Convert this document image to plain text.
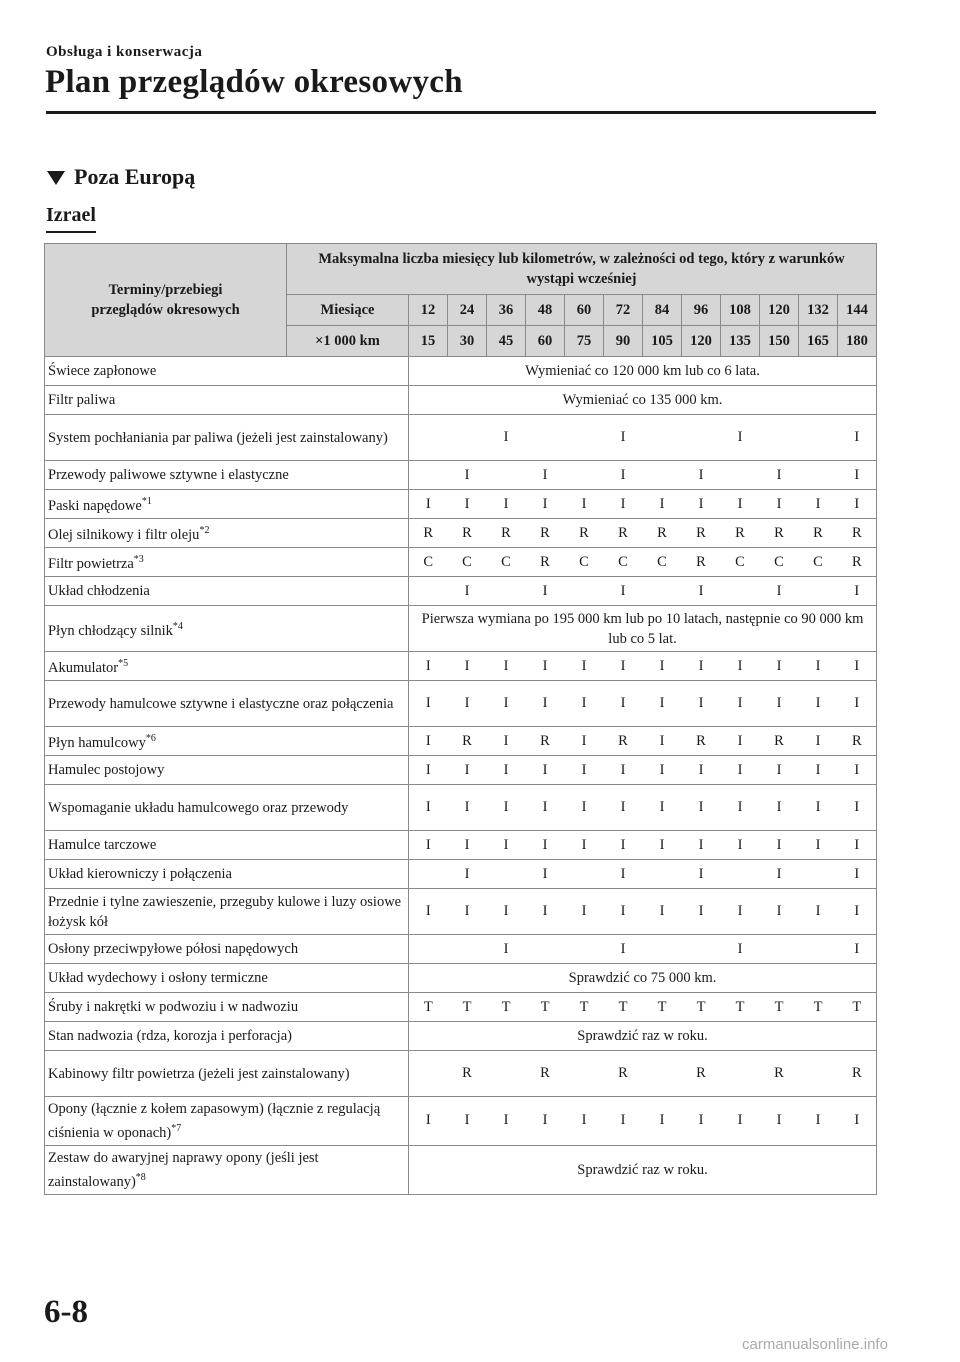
Obsługa i konserwacja
Plan przeglądów okresowych
Poza Europą
Izrael
Terminy/przebiegi przeglądów okresowych	Maksymalna liczba miesięcy lub kilometrów, w zależności od tego, który z warunków wystąpi wcześniej												
	Miesiące	12	24	36	48	60	72	84	96	108	120	132	144
	×1 000 km	15	30	45	60	75	90	105	120	135	150	165	180
Świece zapłonowe		Wymieniać co 120 000 km lub co 6 lata.											
Filtr paliwa		Wymieniać co 135 000 km.											
System pochłaniania par paliwa (jeżeli jest zainstalowany)				I			I			I			I
Przewody paliwowe sztywne i elastyczne			I		I		I		I		I		I
Paski napędowe$^{*1}$		I	I	I	I	I	I	I	I	I	I	I	I
Olej silnikowy i filtr oleju$^{*2}$		R	R	R	R	R	R	R	R	R	R	R	R
Filtr powietrza$^{*3}$		C	C	C	R	C	C	C	R	C	C	C	R
Układ chłodzenia			I		I		I		I		I		I
Płyn chłodzący silnik$^{*4}$		Pierwsza wymiana po 195 000 km lub po 10 latach, następnie co 90 000 km lub co 5 lat.											
Akumulator$^{*5}$		I	I	I	I	I	I	I	I	I	I	I	I
Przewody hamulcowe sztywne i elastyczne oraz połączenia		I	I	I	I	I	I	I	I	I	I	I	I
Płyn hamulcowy$^{*6}$		I	R	I	R	I	R	I	R	I	R	I	R
Hamulec postojowy		I	I	I	I	I	I	I	I	I	I	I	I
Wspomaganie układu hamulcowego oraz przewody		I	I	I	I	I	I	I	I	I	I	I	I
Hamulce tarczowe		I	I	I	I	I	I	I	I	I	I	I	I
Układ kierowniczy i połączenia			I		I		I		I		I		I
Przednie i tylne zawieszenie, przeguby kulowe i luzy osiowe łożysk kół		I	I	I	I	I	I	I	I	I	I	I	I
Osłony przeciwpyłowe półosi napędowych				I			I			I			I
Układ wydechowy i osłony termiczne		Sprawdzić co 75 000 km.											
Śruby i nakrętki w podwoziu i w nadwoziu		T	T	T	T	T	T	T	T	T	T	T	T
Stan nadwozia (rdza, korozja i perforacja)		Sprawdzić raz w roku.											
Kabinowy filtr powietrza (jeżeli jest zainstalowany)			R		R		R		R		R		R
Opony (łącznie z kołem zapasowym) (łącznie z regulacją ciśnienia w oponach)$^{*7}$		I	I	I	I	I	I	I	I	I	I	I	I
Zestaw do awaryjnej naprawy opony (jeśli jest zainstalowany)$^{*8}$		Sprawdzić raz w roku.											
6-8
carmanualsonline.info
